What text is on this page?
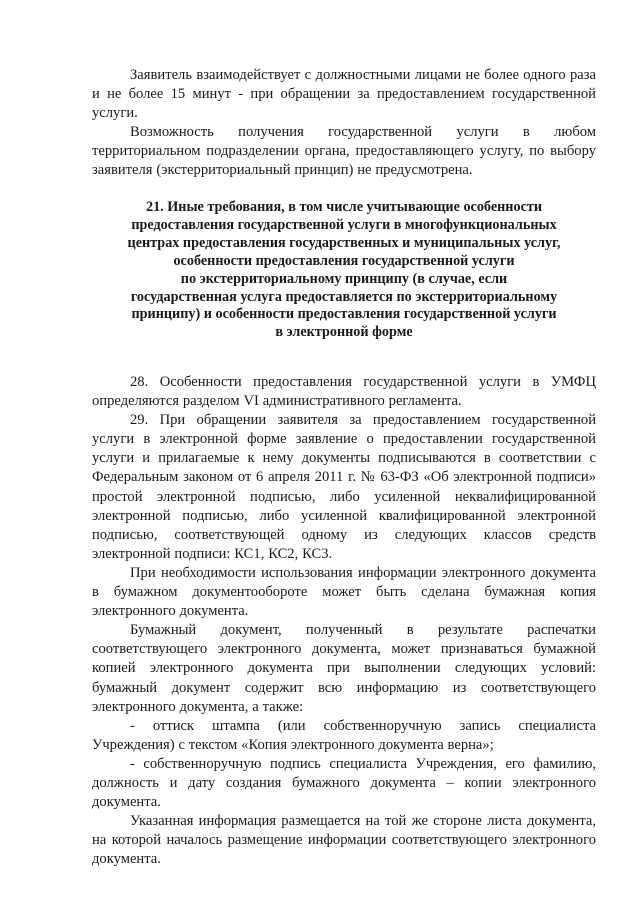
Заявитель взаимодействует с должностными лицами не более одного раза и не более 15 минут - при обращении за предоставлением государственной услуги.

Возможность получения государственной услуги в любом территориальном подразделении органа, предоставляющего услугу, по выбору заявителя (экстерриториальный принцип) не предусмотрена.

21. Иные требования, в том числе учитывающие особенности
предоставления государственной услуги в многофункциональных
центрах предоставления государственных и муниципальных услуг,
особенности предоставления государственной услуги
по экстерриториальному принципу (в случае, если
государственная услуга предоставляется по экстерриториальному
принципу) и особенности предоставления государственной услуги
в электронной форме

28. Особенности предоставления государственной услуги в УМФЦ определяются разделом VI административного регламента.

29. При обращении заявителя за предоставлением государственной услуги в электронной форме заявление о предоставлении государственной услуги и прилагаемые к нему документы подписываются в соответствии с Федеральным законом от 6 апреля 2011 г. № 63-ФЗ «Об электронной подписи» простой электронной подписью, либо усиленной неквалифицированной электронной подписью, либо усиленной квалифицированной электронной подписью, соответствующей одному из следующих классов средств электронной подписи: КС1, КС2, КС3.

При необходимости использования информации электронного документа в бумажном документообороте может быть сделана бумажная копия электронного документа.

Бумажный документ, полученный в результате распечатки соответствующего электронного документа, может признаваться бумажной копией электронного документа при выполнении следующих условий: бумажный документ содержит всю информацию из соответствующего электронного документа, а также:

- оттиск штампа (или собственноручную запись специалиста Учреждения) с текстом «Копия электронного документа верна»;

- собственноручную подпись специалиста Учреждения, его фамилию, должность и дату создания бумажного документа – копии электронного документа.

Указанная информация размещается на той же стороне листа документа, на которой началось размещение информации соответствующего электронного документа.
